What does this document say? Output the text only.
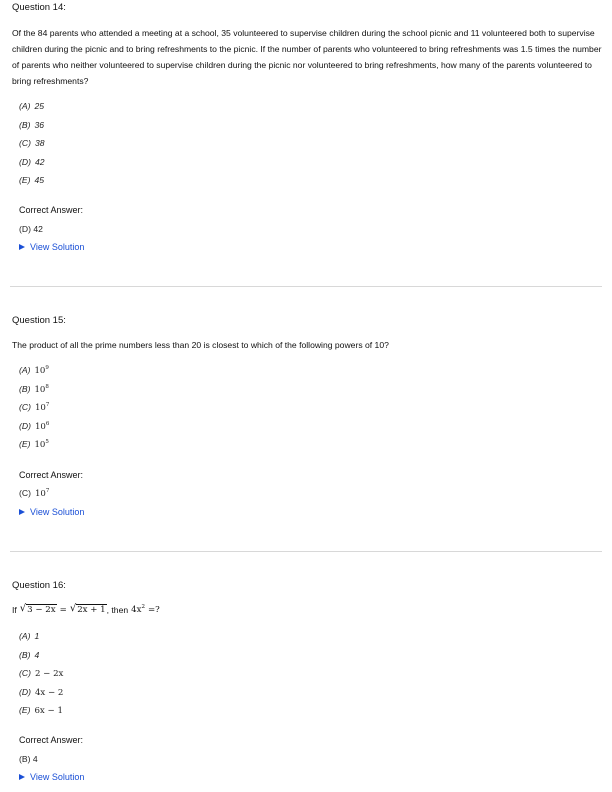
Question 14:
Of the 84 parents who attended a meeting at a school, 35 volunteered to supervise children during the school picnic and 11 volunteered both to supervise children during the picnic and to bring refreshments to the picnic. If the number of parents who volunteered to bring refreshments was 1.5 times the number of parents who neither volunteered to supervise children during the picnic nor volunteered to bring refreshments, how many of the parents volunteered to bring refreshments?
(A) 25
(B) 36
(C) 38
(D) 42
(E) 45
Correct Answer:
(D) 42
View Solution
Question 15:
The product of all the prime numbers less than 20 is closest to which of the following powers of 10?
(A) $10^9$
(B) $10^8$
(C) $10^7$
(D) $10^6$
(E) $10^5$
Correct Answer:
(C) $10^7$
View Solution
Question 16:
If √ 3 − 2x = √ 2x + 1 , then $4x^2$ =?
(A) 1
(B) 4
(C) 2 − 2x
(D) 4x − 2
(E) 6x − 1
Correct Answer:
(B) 4
View Solution
